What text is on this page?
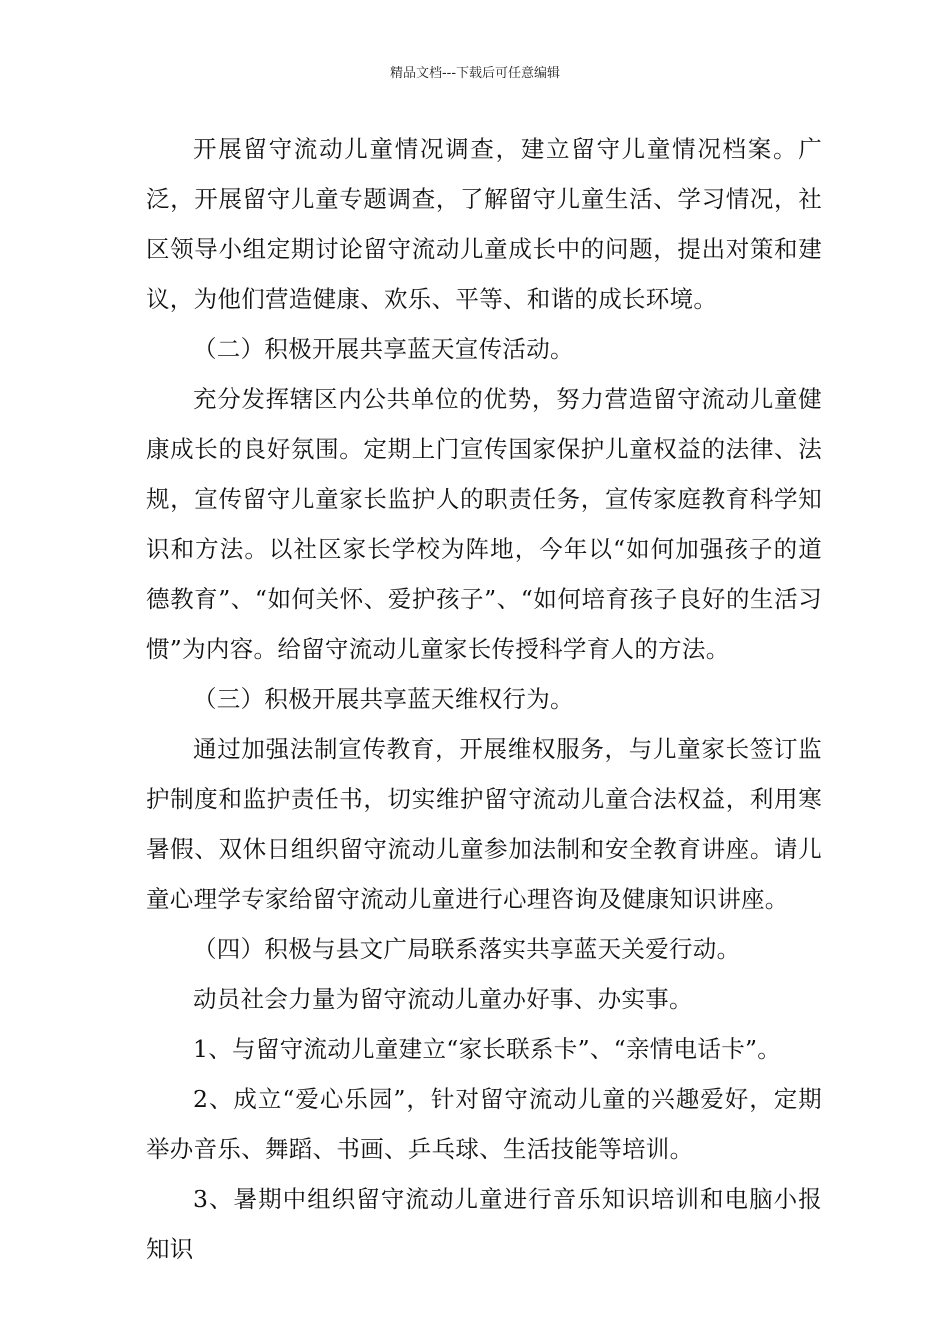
精品文档---下载后可任意编辑

开展留守流动儿童情况调查，建立留守儿童情况档案。广泛，开展留守儿童专题调查，了解留守儿童生活、学习情况，社区领导小组定期讨论留守流动儿童成长中的问题，提出对策和建议，为他们营造健康、欢乐、平等、和谐的成长环境。

（二）积极开展共享蓝天宣传活动。

充分发挥辖区内公共单位的优势，努力营造留守流动儿童健康成长的良好氛围。定期上门宣传国家保护儿童权益的法律、法规，宣传留守儿童家长监护人的职责任务，宣传家庭教育科学知识和方法。以社区家长学校为阵地，今年以“如何加强孩子的道德教育”、“如何关怀、爱护孩子”、“如何培育孩子良好的生活习惯”为内容。给留守流动儿童家长传授科学育人的方法。

（三）积极开展共享蓝天维权行为。

通过加强法制宣传教育，开展维权服务，与儿童家长签订监护制度和监护责任书，切实维护留守流动儿童合法权益，利用寒暑假、双休日组织留守流动儿童参加法制和安全教育讲座。请儿童心理学专家给留守流动儿童进行心理咨询及健康知识讲座。

（四）积极与县文广局联系落实共享蓝天关爱行动。

动员社会力量为留守流动儿童办好事、办实事。

1、与留守流动儿童建立“家长联系卡”、“亲情电话卡”。

2、成立“爱心乐园”，针对留守流动儿童的兴趣爱好，定期举办音乐、舞蹈、书画、乒乓球、生活技能等培训。

3、暑期中组织留守流动儿童进行音乐知识培训和电脑小报知识
